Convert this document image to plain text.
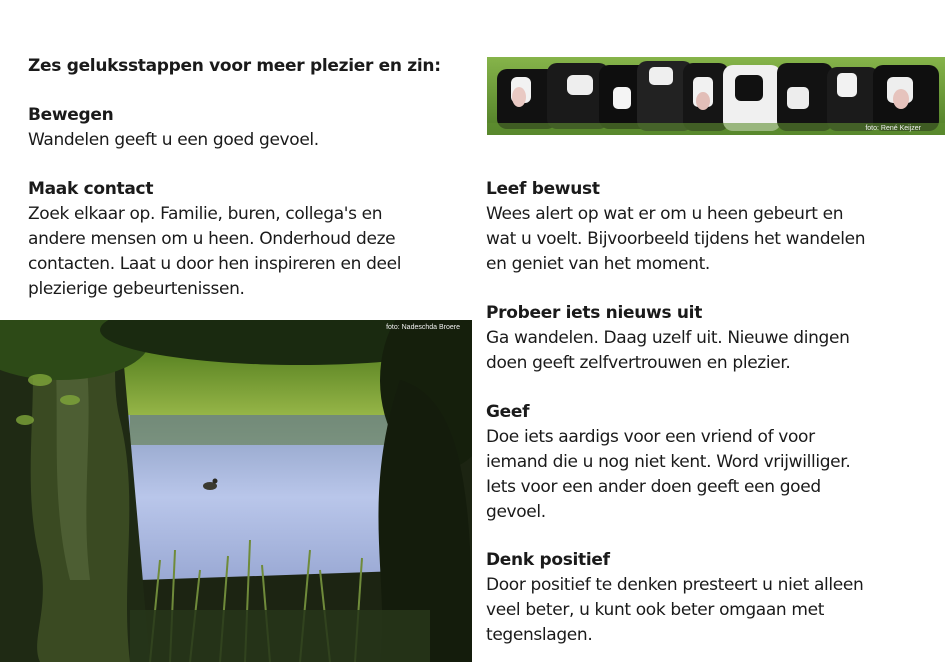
Zes geluksstappen voor meer plezier en zin:
Bewegen

Wandelen geeft u een goed gevoel.

Maak contact

Zoek elkaar op. Familie, buren, collega's en
andere mensen om u heen. Onderhoud deze
contacten. Laat u door hen inspireren en deel
plezierige gebeurtenissen.

Leef bewust

Wees alert op wat er om u heen gebeurt en
wat u voelt. Bijvoorbeeld tijdens het wandelen
en geniet van het moment.

Probeer iets nieuws uit

Ga wandelen. Daag uzelf uit. Nieuwe dingen
doen geeft zelfvertrouwen en plezier.

Geef

Doe iets aardigs voor een vriend of voor
iemand die u nog niet kent. Word vrijwilliger.
Iets voor een ander doen geeft een goed
gevoel.

Denk positief

Door positief te denken presteert u niet alleen
veel beter, u kunt ook beter omgaan met
tegenslagen.

foto: René Keijzer
foto: Nadeschda Broere
